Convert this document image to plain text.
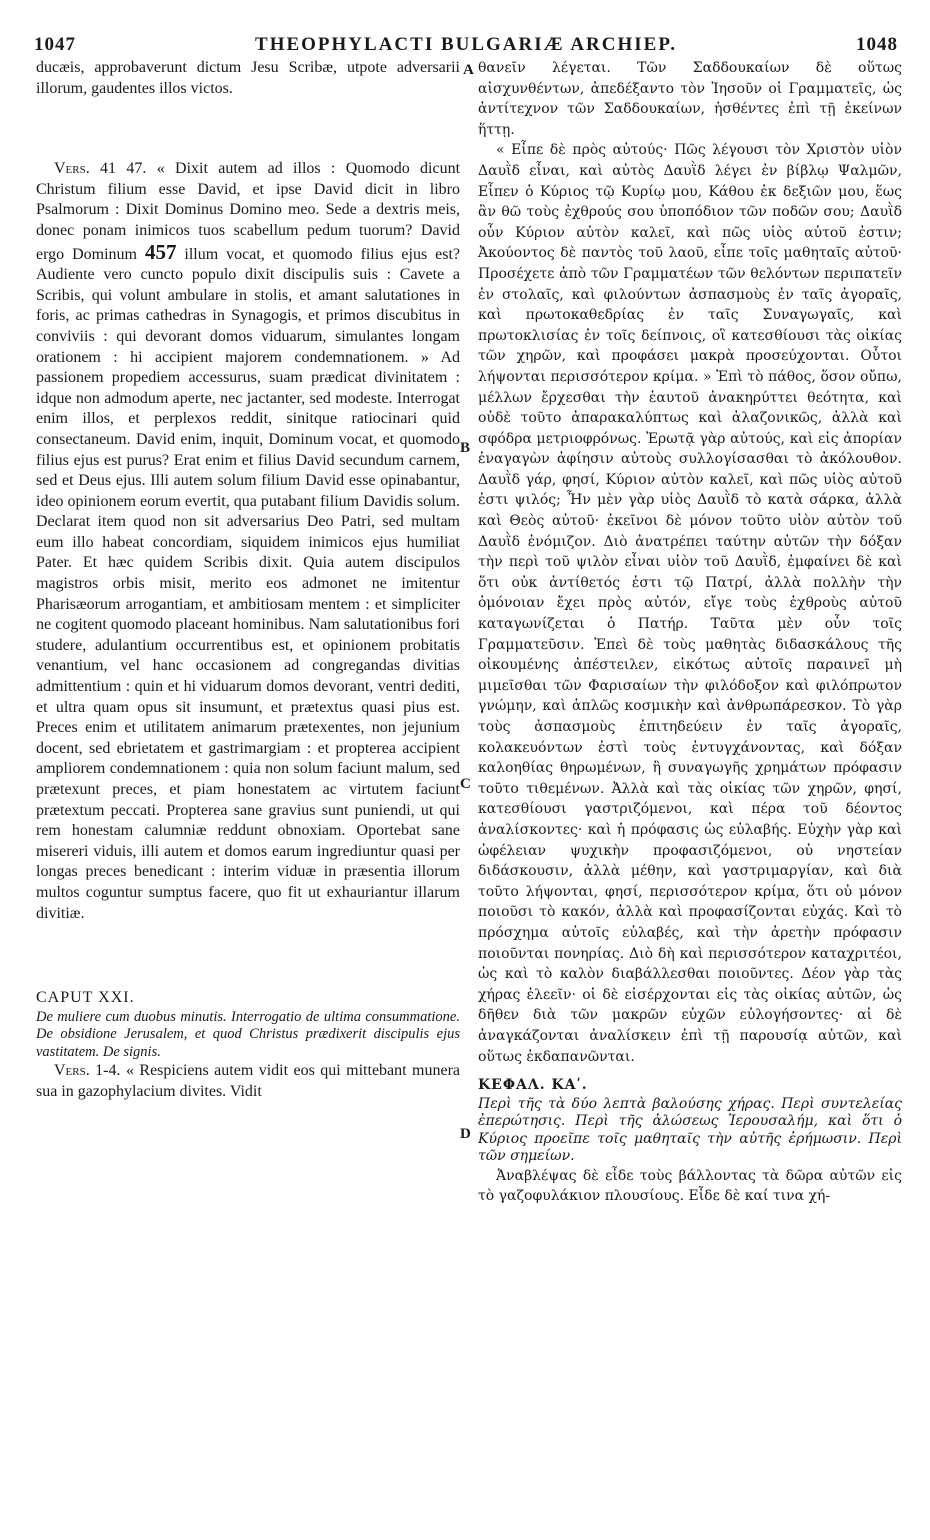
1047	THEOPHYLACTI BULGARIÆ ARCHIEP.	1048
A
B
C
D

ducæis, approbaverunt dictum Jesu Scribæ, utpote adversarii illorum, gaudentes illos victos.

Vers. 41 47. « Dixit autem ad illos : Quomodo dicunt Christum filium esse David, et ipse David dicit in libro Psalmorum : Dixit Dominus Domino meo. Sede a dextris meis, donec ponam inimicos tuos scabellum pedum tuorum? David ergo Dominum 457 illum vocat, et quomodo filius ejus est? Audiente vero cuncto populo dixit discipulis suis : Cavete a Scribis, qui volunt ambulare in stolis, et amant salutationes in foris, ac primas cathedras in Synagogis, et primos discubitus in conviviis : qui devorant domos viduarum, simulantes longam orationem : hi accipient majorem condemnationem. » Ad passionem propediem accessurus, suam prædicat divinitatem : idque non admodum aperte, nec jactanter, sed modeste. Interrogat enim illos, et perplexos reddit, sinitque ratiocinari quid consectaneum. David enim, inquit, Dominum vocat, et quomodo filius ejus est purus? Erat enim et filius David secundum carnem, sed et Deus ejus. Illi autem solum filium David esse opinabantur, ideo opinionem eorum evertit, qua putabant filium Davidis solum. Declarat item quod non sit adversarius Deo Patri, sed multam eum illo habeat concordiam, siquidem inimicos ejus humiliat Pater. Et hæc quidem Scribis dixit. Quia autem discipulos magistros orbis misit, merito eos admonet ne imitentur Pharisæorum arrogantiam, et ambitiosam mentem : et simpliciter ne cogitent quomodo placeant hominibus. Nam salutationibus fori studere, adulantium occurrentibus est, et opinionem probitatis venantium, vel hanc occasionem ad congregandas divitias admittentium : quin et hi viduarum domos devorant, ventri dediti, et ultra quam opus sit insumunt, et prætextus quasi pius est. Preces enim et utilitatem animarum prætexentes, non jejunium docent, sed ebrietatem et gastrimargiam : et propterea accipient ampliorem condemnationem : quia non solum faciunt malum, sed prætexunt preces, et piam honestatem ac virtutem faciunt prætextum peccati. Propterea sane gravius sunt puniendi, ut qui rem honestam calumniæ reddunt obnoxiam. Oportebat sane misereri viduis, illi autem et domos earum ingrediuntur quasi per longas preces benedicant : interim viduæ in præsentia illorum multos coguntur sumptus facere, quo fit ut exhauriantur illarum divitiæ.

CAPUT XXI.

De muliere cum duobus minutis. Interrogatio de ultima consummatione. De obsidione Jerusalem, et quod Christus prædixerit discipulis ejus vastitatem. De signis.

Vers. 1-4. « Respiciens autem vidit eos qui mittebant munera sua in gazophylacium divites. Vidit

θανεῖν λέγεται. Τῶν Σαδδουκαίων δὲ οὕτως αἰσχυνθέντων, ἀπεδέξαντο τὸν Ἰησοῦν οἱ Γραμματεῖς, ὡς ἀντίτεχνον τῶν Σαδδουκαίων, ἡσθέντες ἐπὶ τῇ ἐκείνων ἥττῃ.

« Εἶπε δὲ πρὸς αὐτούς· Πῶς λέγουσι τὸν Χριστὸν υἱὸν Δαυῒδ εἶναι, καὶ αὐτὸς Δαυῒδ λέγει ἐν βίβλῳ Ψαλμῶν, Εἶπεν ὁ Κύριος τῷ Κυρίῳ μου, Κάθου ἐκ δεξιῶν μου, ἕως ἂν θῶ τοὺς ἐχθρούς σου ὑποπόδιον τῶν ποδῶν σου; Δαυῒδ οὖν Κύριον αὐτὸν καλεῖ, καὶ πῶς υἱὸς αὐτοῦ ἐστιν; Ἀκούοντος δὲ παντὸς τοῦ λαοῦ, εἶπε τοῖς μαθηταῖς αὐτοῦ· Προσέχετε ἀπὸ τῶν Γραμματέων τῶν θελόντων περιπατεῖν ἐν στολαῖς, καὶ φιλούντων ἀσπασμοὺς ἐν ταῖς ἀγοραῖς, καὶ πρωτοκαθεδρίας ἐν ταῖς Συναγωγαῖς, καὶ πρωτοκλισίας ἐν τοῖς δείπνοις, οἳ κατεσθίουσι τὰς οἰκίας τῶν χηρῶν, καὶ προφάσει μακρὰ προσεύχονται. Οὗτοι λήψονται περισσότερον κρίμα. » Ἐπὶ τὸ πάθος, ὅσον οὔπω, μέλλων ἔρχεσθαι τὴν ἑαυτοῦ ἀνακηρύττει θεότητα, καὶ οὐδὲ τοῦτο ἀπαρακαλύπτως καὶ ἀλαζονικῶς, ἀλλὰ καὶ σφόδρα μετριοφρόνως. Ἐρωτᾷ γὰρ αὐτούς, καὶ εἰς ἀπορίαν ἐναγαγὼν ἀφίησιν αὐτοὺς συλλογίσασθαι τὸ ἀκόλουθον. Δαυῒδ γάρ, φησί, Κύριον αὐτὸν καλεῖ, καὶ πῶς υἱὸς αὐτοῦ ἐστι ψιλός; Ἦν μὲν γὰρ υἱὸς Δαυῒδ τὸ κατὰ σάρκα, ἀλλὰ καὶ Θεὸς αὐτοῦ· ἐκεῖνοι δὲ μόνον τοῦτο υἱὸν αὐτὸν τοῦ Δαυῒδ ἐνόμιζον. Διὸ ἀνατρέπει ταύτην αὐτῶν τὴν δόξαν τὴν περὶ τοῦ ψιλὸν εἶναι υἱὸν τοῦ Δαυῒδ, ἐμφαίνει δὲ καὶ ὅτι οὐκ ἀντίθετός ἐστι τῷ Πατρί, ἀλλὰ πολλὴν τὴν ὁμόνοιαν ἔχει πρὸς αὐτόν, εἴγε τοὺς ἐχθροὺς αὐτοῦ καταγωνίζεται ὁ Πατήρ. Ταῦτα μὲν οὖν τοῖς Γραμματεῦσιν. Ἐπεὶ δὲ τοὺς μαθητὰς διδασκάλους τῆς οἰκουμένης ἀπέστειλεν, εἰκότως αὐτοῖς παραινεῖ μὴ μιμεῖσθαι τῶν Φαρισαίων τὴν φιλόδοξον καὶ φιλόπρωτον γνώμην, καὶ ἁπλῶς κοσμικὴν καὶ ἀνθρωπάρεσκον. Τὸ γὰρ τοὺς ἀσπασμοὺς ἐπιτηδεύειν ἐν ταῖς ἀγοραῖς, κολακευόντων ἐστὶ τοὺς ἐντυγχάνοντας, καὶ δόξαν καλοηθίας θηρωμένων, ἢ συναγωγῆς χρημάτων πρόφασιν τοῦτο τιθεμένων. Ἀλλὰ καὶ τὰς οἰκίας τῶν χηρῶν, φησί, κατεσθίουσι γαστριζόμενοι, καὶ πέρα τοῦ δέοντος ἀναλίσκοντες· καὶ ἡ πρόφασις ὡς εὐλαβής. Εὐχὴν γὰρ καὶ ὠφέλειαν ψυχικὴν προφασιζόμενοι, οὐ νηστείαν διδάσκουσιν, ἀλλὰ μέθην, καὶ γαστριμαργίαν, καὶ διὰ τοῦτο λήψονται, φησί, περισσότερον κρίμα, ὅτι οὐ μόνον ποιοῦσι τὸ κακόν, ἀλλὰ καὶ προφασίζονται εὐχάς. Καὶ τὸ πρόσχημα αὐτοῖς εὐλαβές, καὶ τὴν ἀρετὴν πρόφασιν ποιοῦνται πονηρίας. Διὸ δὴ καὶ περισσότερον καταχριτέοι, ὡς καὶ τὸ καλὸν διαβάλλεσθαι ποιοῦντες. Δέον γὰρ τὰς χήρας ἐλεεῖν· οἱ δὲ εἰσέρχονται εἰς τὰς οἰκίας αὐτῶν, ὡς δῆθεν διὰ τῶν μακρῶν εὐχῶν εὐλογήσοντες· αἱ δὲ ἀναγκάζονται ἀναλίσκειν ἐπὶ τῇ παρουσίᾳ αὐτῶν, καὶ οὕτως ἐκδαπανῶνται.

ΚΕΦΑΛ. ΚΑʹ.

Περὶ τῆς τὰ δύο λεπτὰ βαλούσης χήρας. Περὶ συντελείας ἐπερώτησις. Περὶ τῆς ἁλώσεως Ἱερουσαλήμ, καὶ ὅτι ὁ Κύριος προεῖπε τοῖς μαθηταῖς τὴν αὐτῆς ἐρήμωσιν. Περὶ τῶν σημείων.

Ἀναβλέψας δὲ εἶδε τοὺς βάλλοντας τὰ δῶρα αὐτῶν εἰς τὸ γαζοφυλάκιον πλουσίους. Εἶδε δὲ καί τινα χή-
